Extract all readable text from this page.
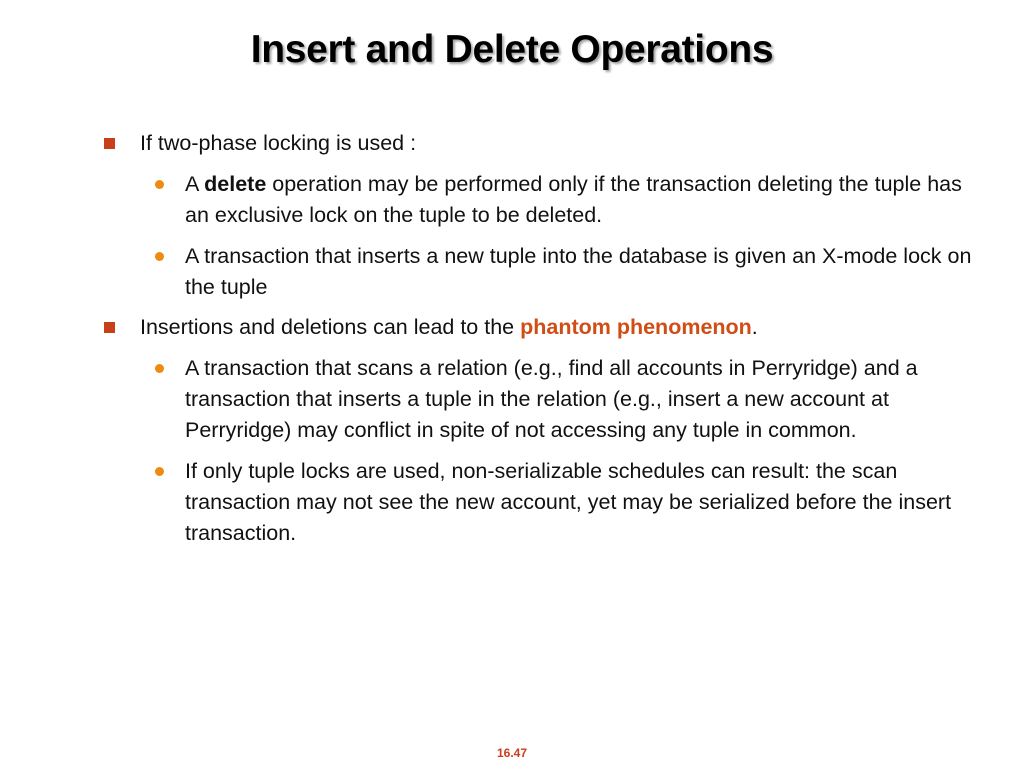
Insert and Delete Operations
If two-phase locking is used :
A delete operation may be performed only if the transaction deleting the tuple has an exclusive lock on the tuple to be deleted.
A transaction that inserts a new tuple into the database is given an X-mode lock on the tuple
Insertions and deletions can lead to the phantom phenomenon.
A transaction that scans a relation (e.g., find all accounts in Perryridge) and a transaction that inserts a tuple in the relation (e.g., insert a new account at Perryridge) may conflict in spite of not accessing any tuple in common.
If only tuple locks are used, non-serializable schedules can result: the scan transaction may not see the new account, yet may be serialized before the insert transaction.
16.47
